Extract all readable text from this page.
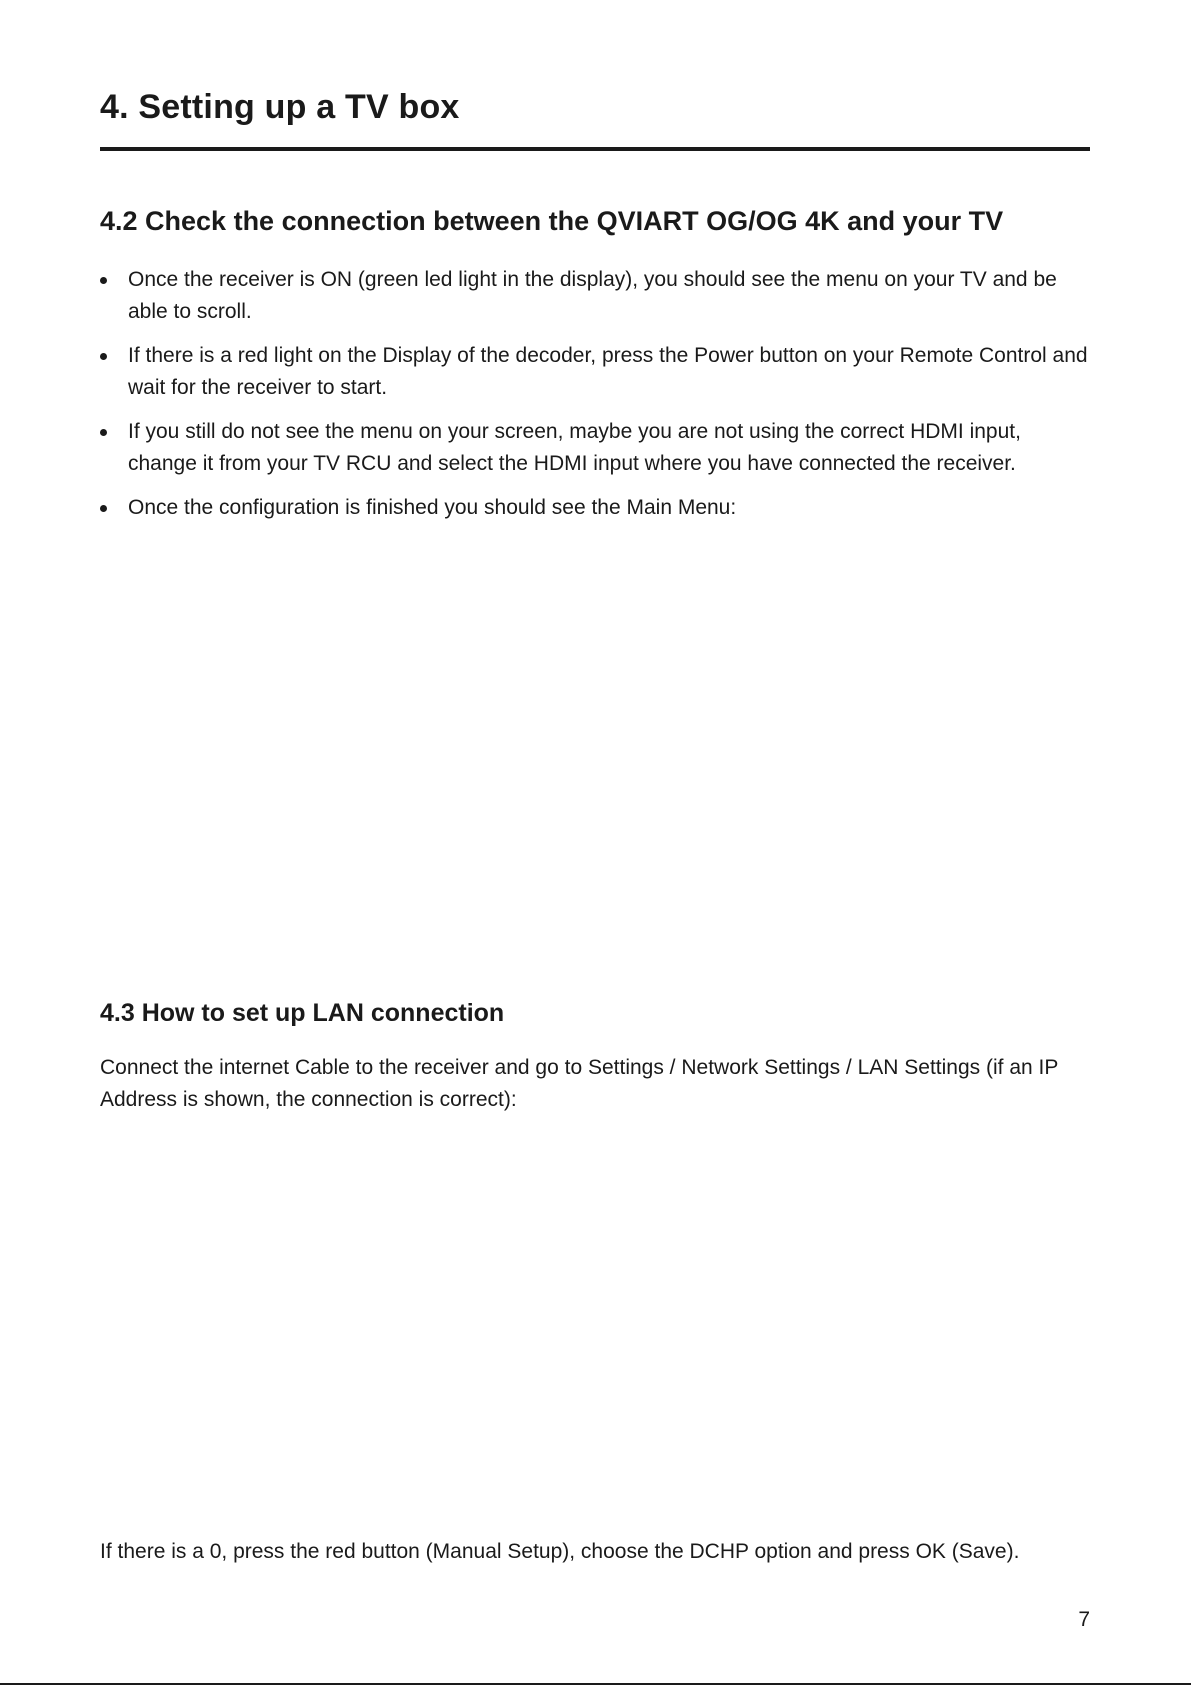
4. Setting up a TV box
4.2 Check the connection between the QVIART OG/OG 4K and your TV
Once the receiver is ON (green led light in the display), you should see the menu on your TV and be able to scroll.
If there is a red light on the Display of the decoder, press the Power button on your Remote Control and wait for the receiver to start.
If you still do not see the menu on your screen, maybe you are not using the correct HDMI input, change it from your TV RCU and select the HDMI input where you have connected the receiver.
Once the configuration is finished you should see the Main Menu:
4.3 How to set up LAN connection

Connect the internet Cable to the receiver and go to Settings / Network Settings / LAN Settings (if an IP Address is shown, the connection is correct):

If there is a 0, press the red button (Manual Setup), choose the DCHP option and press OK (Save).

7
